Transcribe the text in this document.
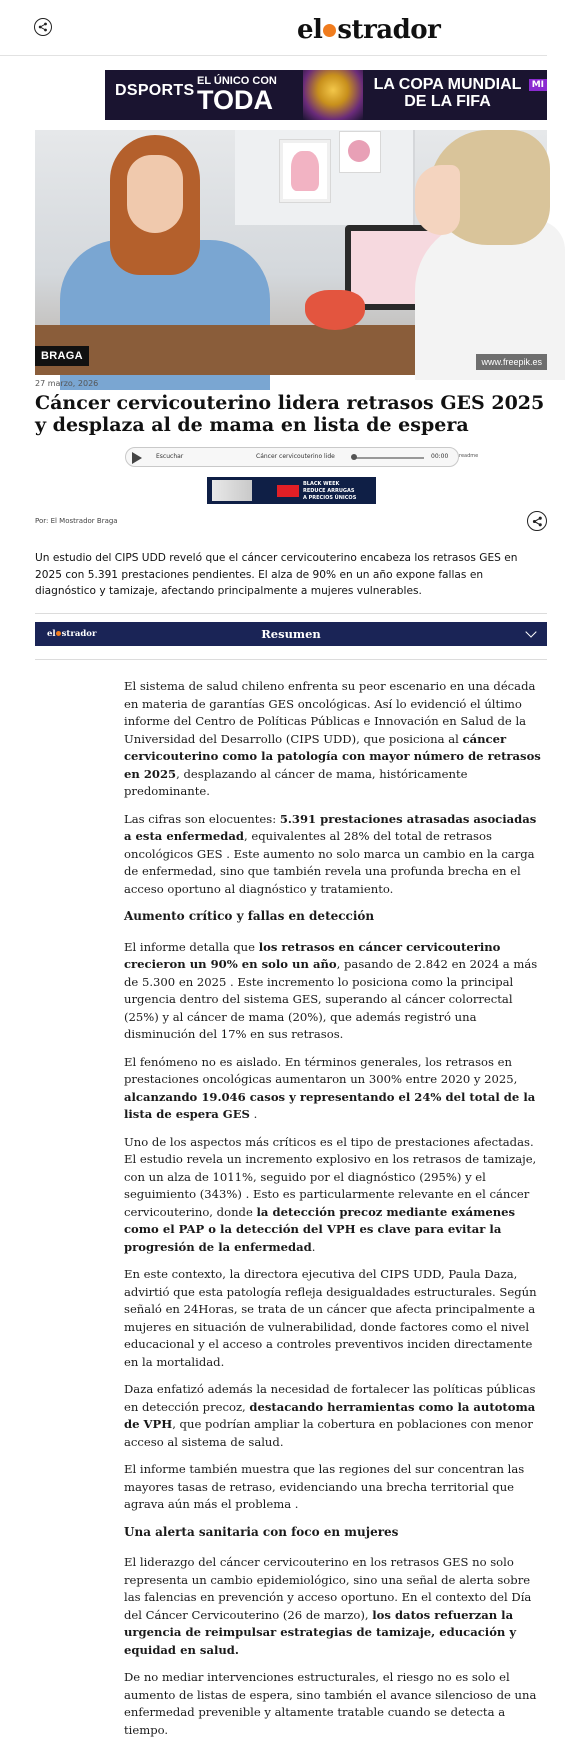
el strador
DSPORTS
EL ÚNICO CON
TODA
LA COPA MUNDIAL DE LA FIFA
MI
BRAGA	www.freepik.es
27 marzo, 2026
Cáncer cervicouterino lidera retrasos GES 2025 y desplaza al de mama en lista de espera
Escuchar	Cáncer cervicouterino lide	00:00 readme
BLACK WEEK
REDUCE ARRUGAS
A PRECIOS ÚNICOS
Por: El Mostrador Braga

Un estudio del CIPS UDD reveló que el cáncer cervicouterino encabeza los retrasos GES en 2025 con 5.391 prestaciones pendientes. El alza de 90% en un año expone fallas en diagnóstico y tamizaje, afectando principalmente a mujeres vulnerables.

el strador	Resumen

El sistema de salud chileno enfrenta su peor escenario en una década en materia de garantías GES oncológicas. Así lo evidenció el último informe del Centro de Políticas Públicas e Innovación en Salud de la Universidad del Desarrollo (CIPS UDD), que posiciona al cáncer cervicouterino como la patología con mayor número de retrasos en 2025, desplazando al cáncer de mama, históricamente predominante.

Las cifras son elocuentes: 5.391 prestaciones atrasadas asociadas a esta enfermedad, equivalentes al 28% del total de retrasos oncológicos GES . Este aumento no solo marca un cambio en la carga de enfermedad, sino que también revela una profunda brecha en el acceso oportuno al diagnóstico y tratamiento.

Aumento crítico y fallas en detección

El informe detalla que los retrasos en cáncer cervicouterino crecieron un 90% en solo un año, pasando de 2.842 en 2024 a más de 5.300 en 2025 . Este incremento lo posiciona como la principal urgencia dentro del sistema GES, superando al cáncer colorrectal (25%) y al cáncer de mama (20%), que además registró una disminución del 17% en sus retrasos.

El fenómeno no es aislado. En términos generales, los retrasos en prestaciones oncológicas aumentaron un 300% entre 2020 y 2025, alcanzando 19.046 casos y representando el 24% del total de la lista de espera GES .

Uno de los aspectos más críticos es el tipo de prestaciones afectadas. El estudio revela un incremento explosivo en los retrasos de tamizaje, con un alza de 1011%, seguido por el diagnóstico (295%) y el seguimiento (343%) . Esto es particularmente relevante en el cáncer cervicouterino, donde la detección precoz mediante exámenes como el PAP o la detección del VPH es clave para evitar la progresión de la enfermedad.

En este contexto, la directora ejecutiva del CIPS UDD, Paula Daza, advirtió que esta patología refleja desigualdades estructurales. Según señaló en 24Horas, se trata de un cáncer que afecta principalmente a mujeres en situación de vulnerabilidad, donde factores como el nivel educacional y el acceso a controles preventivos inciden directamente en la mortalidad.

Daza enfatizó además la necesidad de fortalecer las políticas públicas en detección precoz, destacando herramientas como la autotoma de VPH, que podrían ampliar la cobertura en poblaciones con menor acceso al sistema de salud.

El informe también muestra que las regiones del sur concentran las mayores tasas de retraso, evidenciando una brecha territorial que agrava aún más el problema .

Una alerta sanitaria con foco en mujeres

El liderazgo del cáncer cervicouterino en los retrasos GES no solo representa un cambio epidemiológico, sino una señal de alerta sobre las falencias en prevención y acceso oportuno. En el contexto del Día del Cáncer Cervicouterino (26 de marzo), los datos refuerzan la urgencia de reimpulsar estrategias de tamizaje, educación y equidad en salud.

De no mediar intervenciones estructurales, el riesgo no es solo el aumento de listas de espera, sino también el avance silencioso de una enfermedad prevenible y altamente tratable cuando se detecta a tiempo.
